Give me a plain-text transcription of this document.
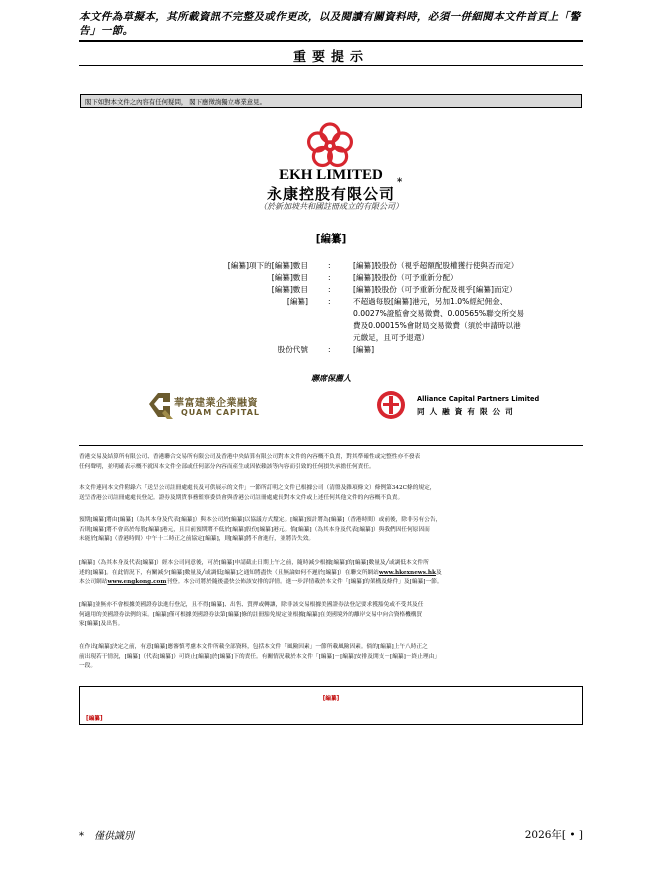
本文件為草擬本，其所載資訊不完整及或作更改，以及閱讀有關資料時，必須一併細閱本文件首頁上「警告」一節。
重要提示
閣下如對本文件之內容有任何疑問， 閣下應徵詢獨立專業意見。
EKH LIMITED
永康控股有限公司
*
（於新加坡共和國註冊成立的有限公司）
[編纂]
[編纂]項下的[編纂]數目	:	[編纂]股股份（視乎超額配股權獲行使與否而定）
[編纂]數目	:	[編纂]股股份（可予重新分配）
[編纂]數目	:	[編纂]股股份（可予重新分配及視乎[編纂]而定）
[編纂]	:	不超過每股[編纂]港元，另加1.0%經紀佣金、
0.0027%證監會交易徵費、0.00565%聯交所交易
費及0.00015%會財局交易徵費（須於申請時以港
元繳足，且可予退還）
股份代號	:	[編纂]
聯席保薦人
華富建業企業融資
QUAM CAPITAL
Alliance Capital Partners Limited
同人融資有限公司
香港交易及結算所有限公司、香港聯合交易所有限公司及香港中央結算有限公司對本文件的內容概不負責，對其準確性或完整性亦不發表
任何聲明，並明確表示概不就因本文件全部或任何部分內容而產生或因依賴該等內容而引致的任何損失承擔任何責任。
本文件連同本文件附錄六「送呈公司註冊處處長及可供展示的文件」一節所訂明之文件已根據公司（清盤及雜項條文）條例第342C條的規定，
送呈香港公司註冊處處長登記。證券及期貨事務監察委員會與香港公司註冊處處長對本文件或上述任何其他文件的內容概不負責。
預期[編纂]將由[編纂]（為其本身及代表[編纂]）與本公司於[編纂]以協議方式釐定。[編纂]預計將為[編纂]（香港時間）或前後，除非另有公告，
否則[編纂]將不會高於每股[編纂]港元，且目前預期將不低於[編纂]股份[編纂]港元。倘[編纂]（為其本身及代表[編纂]）與我們因任何原因而
未能於[編纂]（香港時間）中午十二時正之前協定[編纂]，則[編纂]將不會進行，並將告失效。
[編纂]（為其本身及代表[編纂]）經本公司同意後，可於[編纂]申請截止日期上午之前，隨時減少根據[編纂]的[編纂]數量及╱或調低本文件所
述的[編纂]。在此情況下，有關減少[編纂]數量及╱或調低[編纂]之通知將盡快（且無論如何不遲於[編纂]）在聯交所網站www.hkexnews.hk及
本公司網站www.engkong.com刊登。本公司將於隨後盡快公佈該安排的詳情。進一步詳情載於本文件「[編纂]的架構及條件」及[編纂]一節。
[編纂]並無亦不會根據美國證券法進行登記，且不得[編纂]、出售、質押或轉讓，除非該交易根據美國證券法登記要求獲豁免或不受其及任
何適用的美國證券法例約束。[編纂]僅可根據美國證券法第[編纂]條的註冊豁免規定並根據[編纂]在美國境外的離岸交易中向合資格機構買
家[編纂]及出售。
在作出[編纂]決定之前，有意[編纂]應審慎考慮本文件所載全部資料，包括本文件「風險因素」一節所載風險因素。倘的[編纂]上午八時正之
前出現若干情況，[編纂]（代表[編纂]）可終止[編纂]於[編纂]下的責任。有關情況載於本文件「[編纂]－[編纂]安排及開支－[編纂]－終止理由」
一段。
[編纂]
[編纂]
* 僅供識別	2026年[ • ]
